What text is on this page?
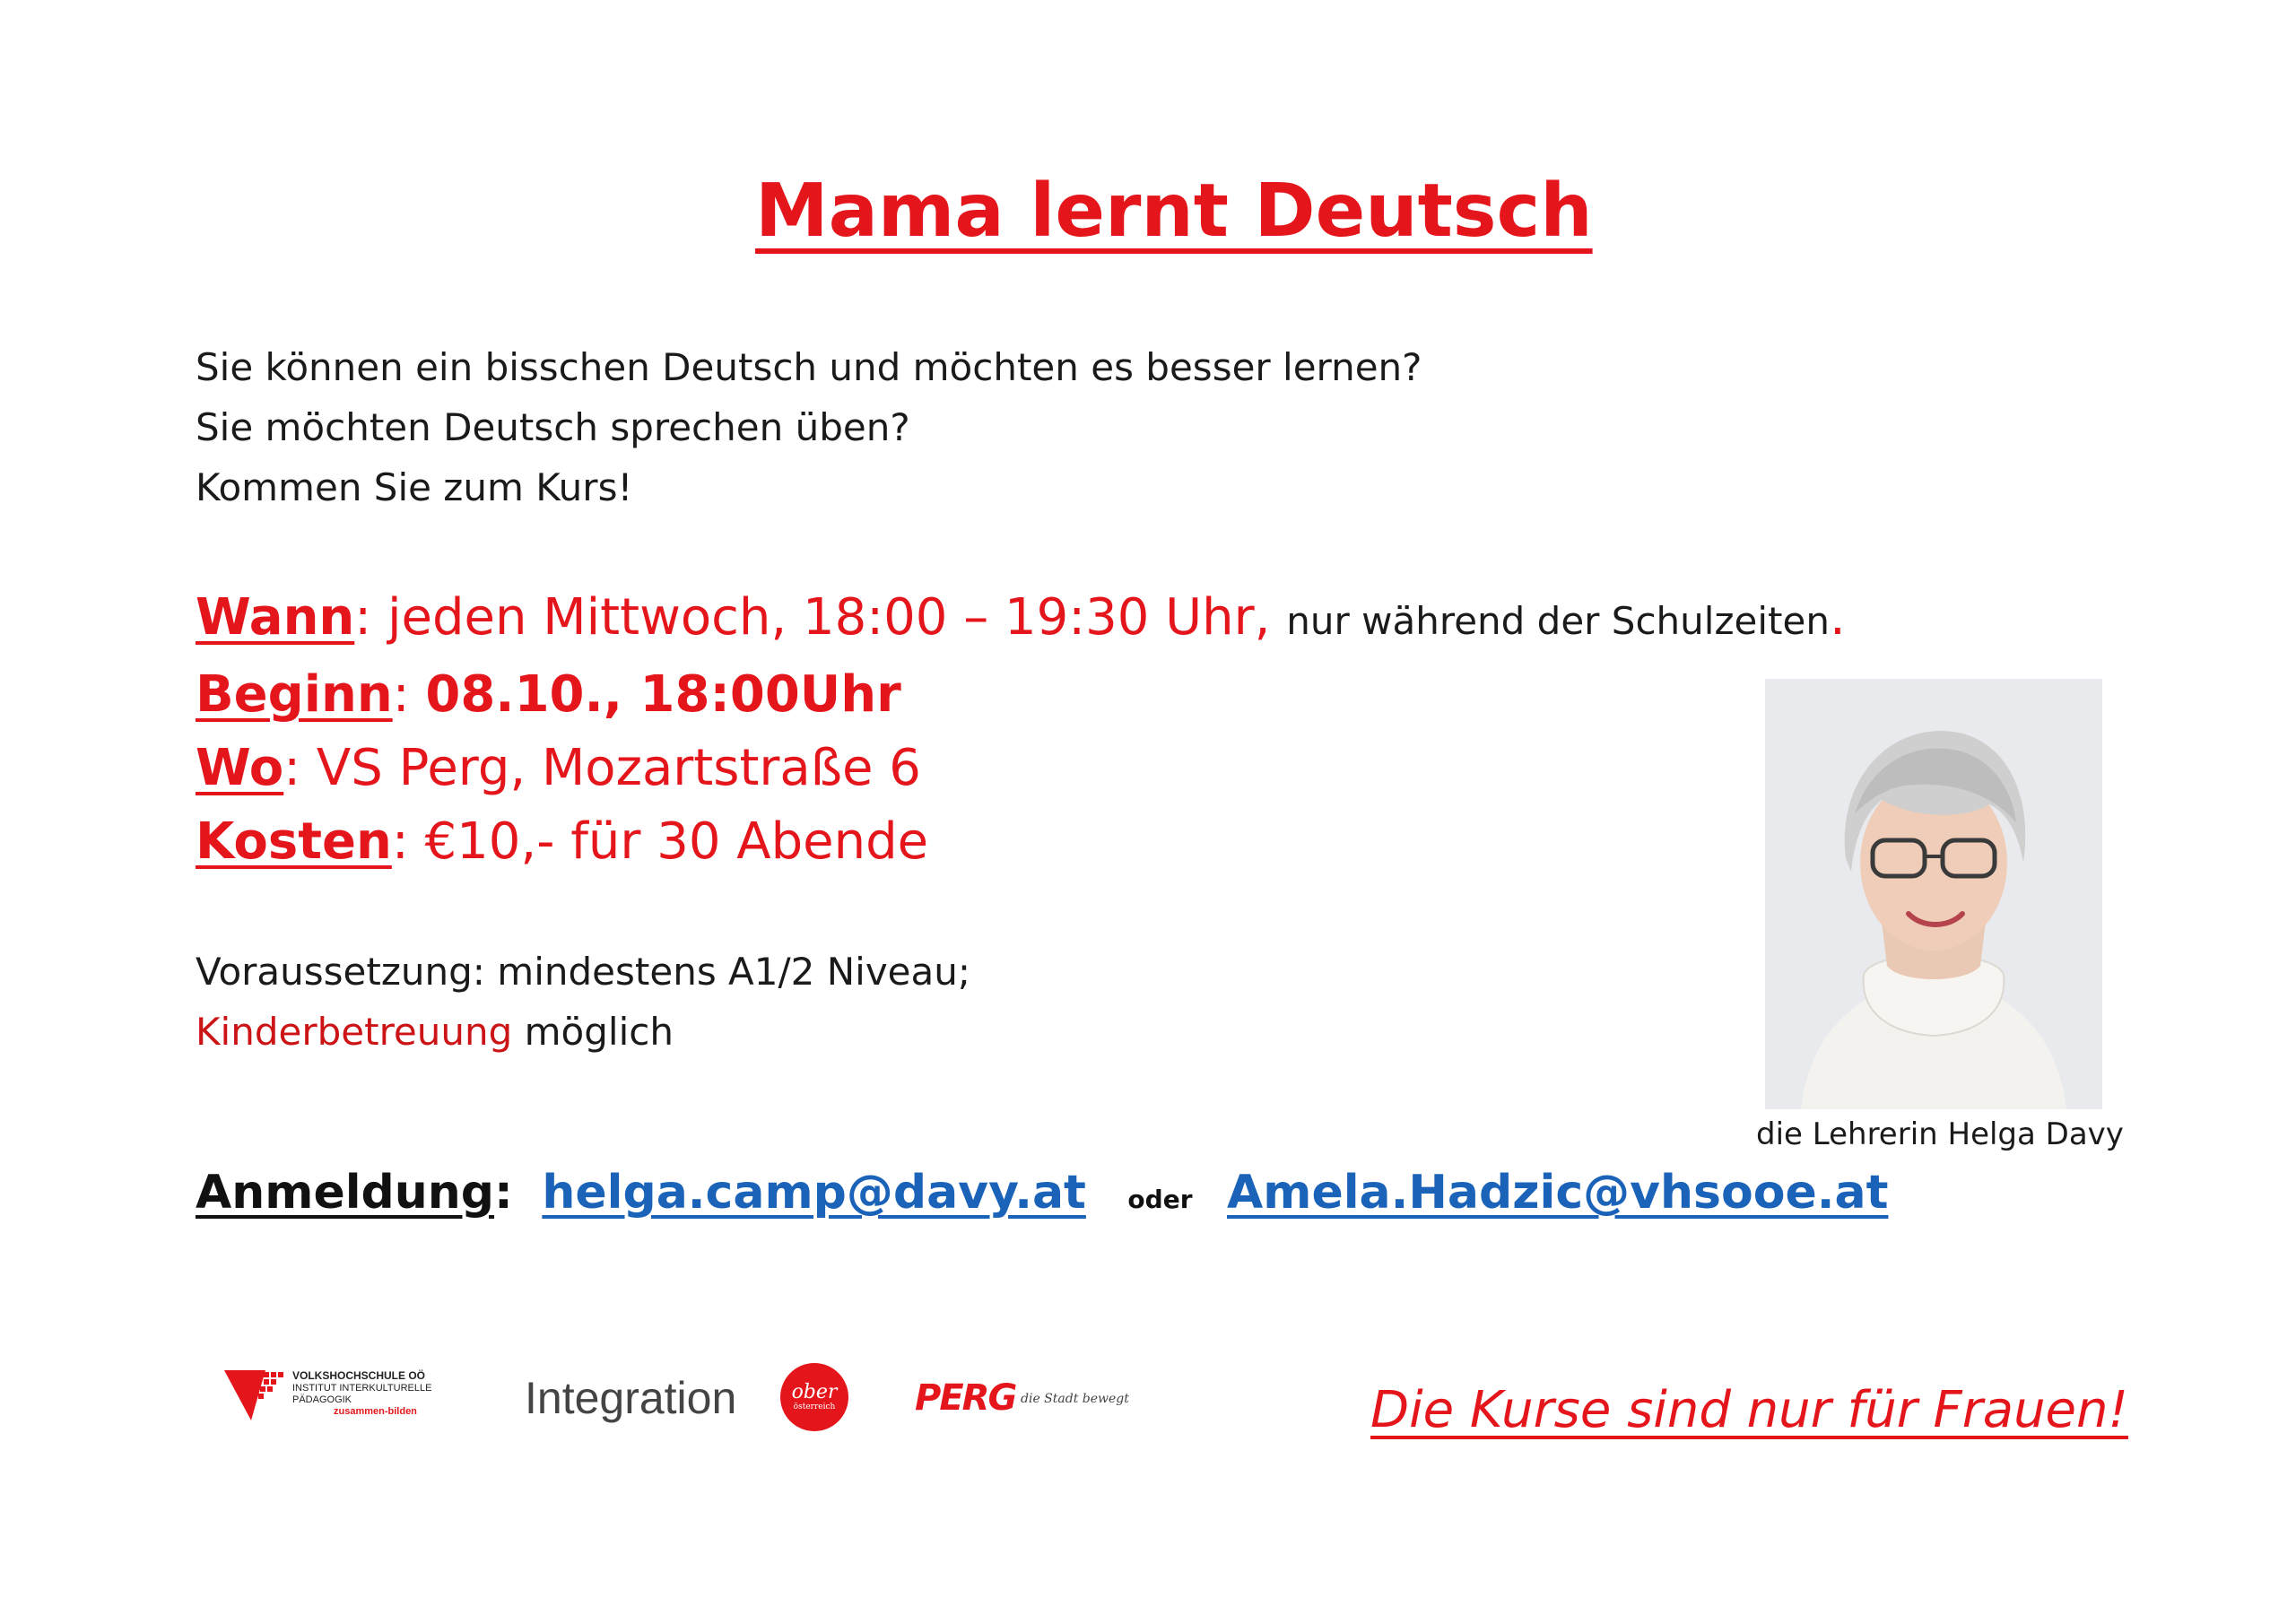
Mama lernt Deutsch
Sie können ein bisschen Deutsch und möchten es besser lernen?
Sie möchten Deutsch sprechen üben?
Kommen Sie zum Kurs!
Wann: jeden Mittwoch, 18:00 – 19:30 Uhr, nur während der Schulzeiten.
Beginn: 08.10., 18:00Uhr
Wo: VS Perg, Mozartstraße 6
Kosten: €10,- für 30 Abende
Voraussetzung: mindestens A1/2 Niveau;
Kinderbetreuung möglich
die Lehrerin Helga Davy
Anmeldung: helga.camp@davy.at oder Amela.Hadzic@vhsooe.at
VOLKSHOCHSCHULE OÖ
INSTITUT INTERKULTURELLE
PÄDAGOGIK
zusammen-bilden	Integration	ober
österreich	PERG die Stadt bewegt	Die Kurse sind nur für Frauen!
